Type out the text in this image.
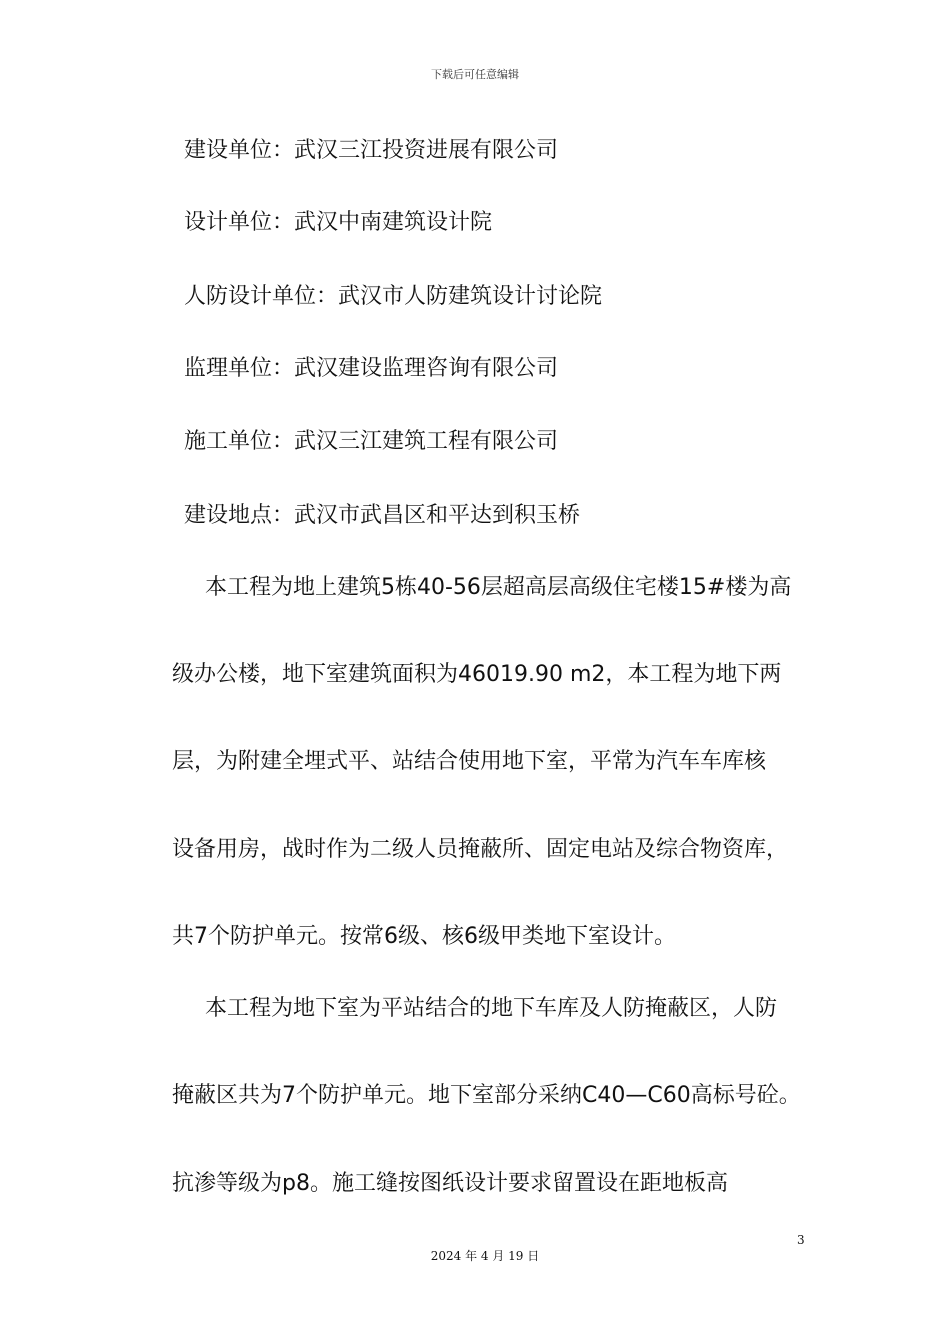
下载后可任意编辑
建设单位：武汉三江投资进展有限公司
设计单位：武汉中南建筑设计院
人防设计单位：武汉市人防建筑设计讨论院
监理单位：武汉建设监理咨询有限公司
施工单位：武汉三江建筑工程有限公司
建设地点：武汉市武昌区和平达到积玉桥
本工程为地上建筑5栋40-56层超高层高级住宅楼15#楼为高
级办公楼，地下室建筑面积为46019.90 m2，本工程为地下两
层，为附建全埋式平、站结合使用地下室，平常为汽车车库核
设备用房，战时作为二级人员掩蔽所、固定电站及综合物资库，
共7个防护单元。按常6级、核6级甲类地下室设计。
本工程为地下室为平站结合的地下车库及人防掩蔽区，人防
掩蔽区共为7个防护单元。地下室部分采纳C40—C60高标号砼。
抗渗等级为p8。施工缝按图纸设计要求留置设在距地板高
3
2024 年 4 月 19 日
